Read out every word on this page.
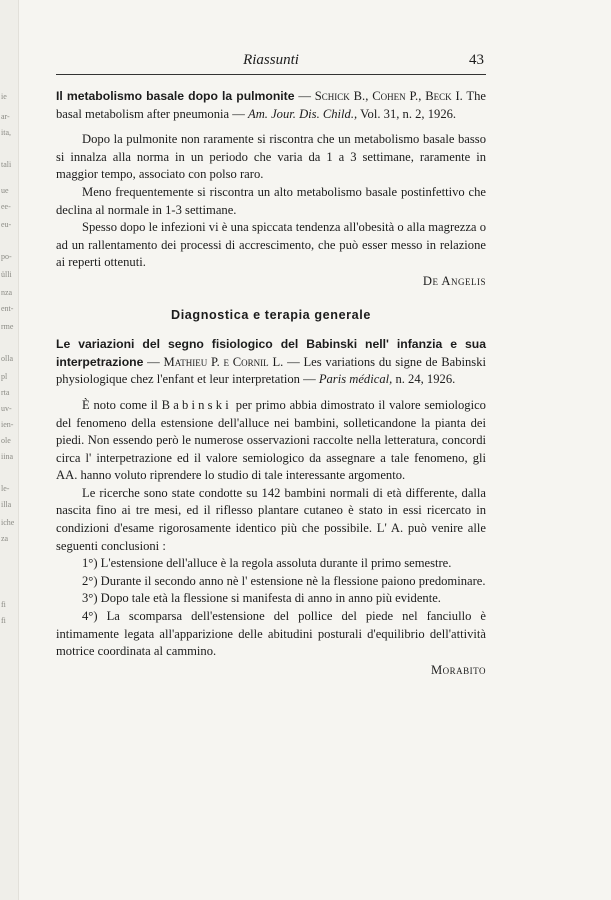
ie
ar-
ita,
tali
ue
ee-
eu-
po-
ülli
nza
ent-
rme
olla
pl
rta
uv-
ien-
ole
iina
le-
illa
iche
za
fi
fi
Riassunti	43

Il metabolismo basale dopo la pulmonite — Schick B., Cohen P., Beck I. The basal metabolism after pneumonia — Am. Jour. Dis. Child., Vol. 31, n. 2, 1926.

Dopo la pulmonite non raramente si riscontra che un metabolismo basale basso si innalza alla norma in un periodo che varia da 1 a 3 settimane, raramente in maggior tempo, associato con polso raro.

Meno frequentemente si riscontra un alto metabolismo basale postinfettivo che declina al normale in 1-3 settimane.

Spesso dopo le infezioni vi è una spiccata tendenza all'obesità o alla magrezza o ad un rallentamento dei processi di accrescimento, che può esser messo in relazione ai reperti ottenuti.

De Angelis

Diagnostica e terapia generale

Le variazioni del segno fisiologico del Babinski nell' infanzia e sua interpetrazione — Mathieu P. e Cornil L. — Les variations du signe de Babinski physiologique chez l'enfant et leur interpretation — Paris médical, n. 24, 1926.

È noto come il Babinski per primo abbia dimostrato il valore semiologico del fenomeno della estensione dell'alluce nei bambini, solleticandone la pianta dei piedi. Non essendo però le numerose osservazioni raccolte nella letteratura, concordi circa l' interpetrazione ed il valore semiologico da assegnare a tale fenomeno, gli AA. hanno voluto riprendere lo studio di tale interessante argomento.

Le ricerche sono state condotte su 142 bambini normali di età differente, dalla nascita fino ai tre mesi, ed il riflesso plantare cutaneo è stato in essi ricercato in condizioni d'esame rigorosamente identico più che possibile. L' A. può venire alle seguenti conclusioni :

1°) L'estensione dell'alluce è la regola assoluta durante il primo semestre.

2°) Durante il secondo anno nè l' estensione nè la flessione paiono predominare.

3°) Dopo tale età la flessione si manifesta di anno in anno più evidente.

4°) La scomparsa dell'estensione del pollice del piede nel fanciullo è intimamente legata all'apparizione delle abitudini posturali d'equilibrio dell'attività motrice coordinata al cammino.

Morabito
